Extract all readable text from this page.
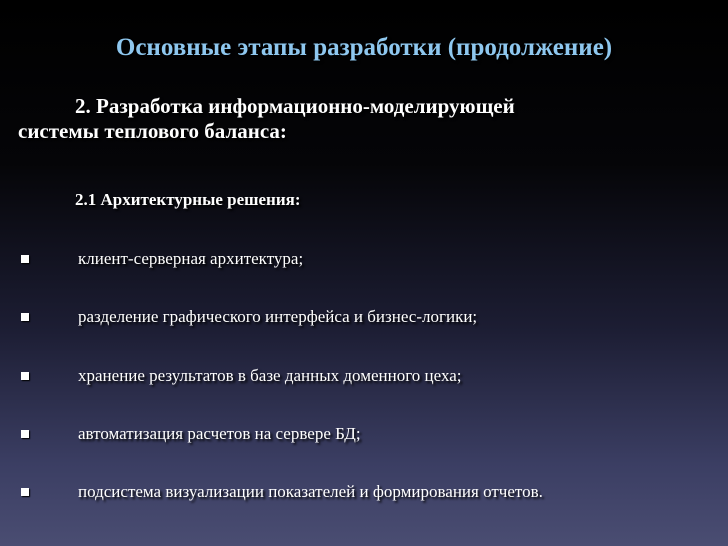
Основные этапы разработки (продолжение)
2. Разработка информационно-моделирующей
системы теплового баланса:
2.1 Архитектурные решения:
клиент-серверная архитектура;
разделение графического интерфейса и бизнес-логики;
хранение результатов в базе данных доменного цеха;
автоматизация расчетов на сервере БД;
подсистема визуализации показателей и формирования отчетов.
